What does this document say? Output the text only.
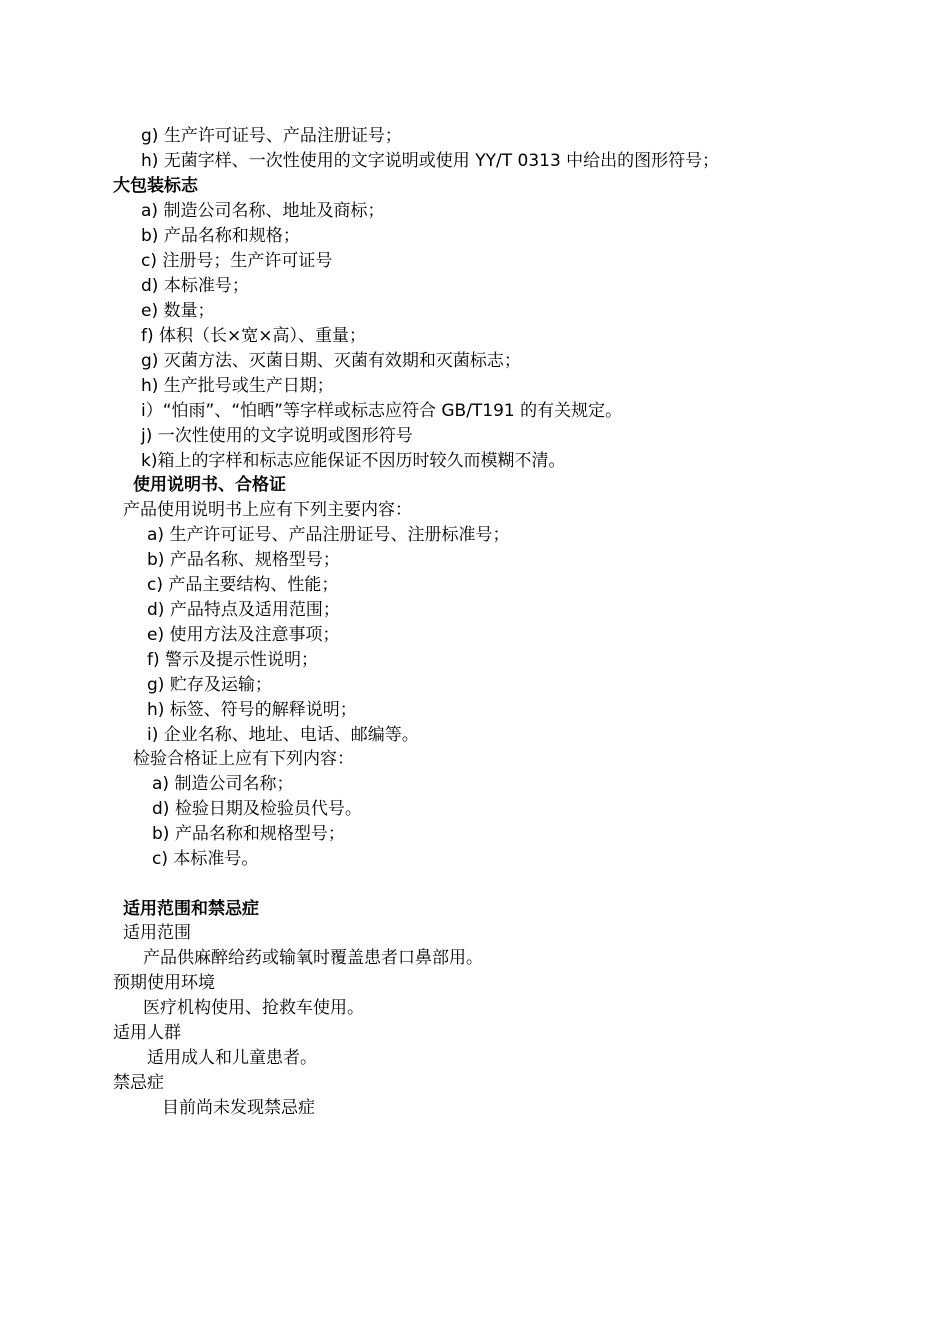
g) 生产许可证号、产品注册证号；
h) 无菌字样、一次性使用的文字说明或使用 YY/T 0313 中给出的图形符号；
大包装标志
a) 制造公司名称、地址及商标；
b) 产品名称和规格；
c) 注册号；生产许可证号
d) 本标准号；
e) 数量；
f) 体积（长×宽×高）、重量；
g) 灭菌方法、灭菌日期、灭菌有效期和灭菌标志；
h) 生产批号或生产日期；
i）“怕雨”、“怕晒”等字样或标志应符合 GB/T191 的有关规定。
j) 一次性使用的文字说明或图形符号
k)箱上的字样和标志应能保证不因历时较久而模糊不清。
使用说明书、合格证
产品使用说明书上应有下列主要内容：
a) 生产许可证号、产品注册证号、注册标准号；
b) 产品名称、规格型号；
c) 产品主要结构、性能；
d) 产品特点及适用范围；
e) 使用方法及注意事项；
f) 警示及提示性说明；
g) 贮存及运输；
h) 标签、符号的解释说明；
i) 企业名称、地址、电话、邮编等。
检验合格证上应有下列内容：
a) 制造公司名称；
d) 检验日期及检验员代号。
b) 产品名称和规格型号；
c) 本标准号。
适用范围和禁忌症
适用范围
产品供麻醉给药或输氧时覆盖患者口鼻部用。
预期使用环境
医疗机构使用、抢救车使用。
适用人群
适用成人和儿童患者。
禁忌症
目前尚未发现禁忌症
